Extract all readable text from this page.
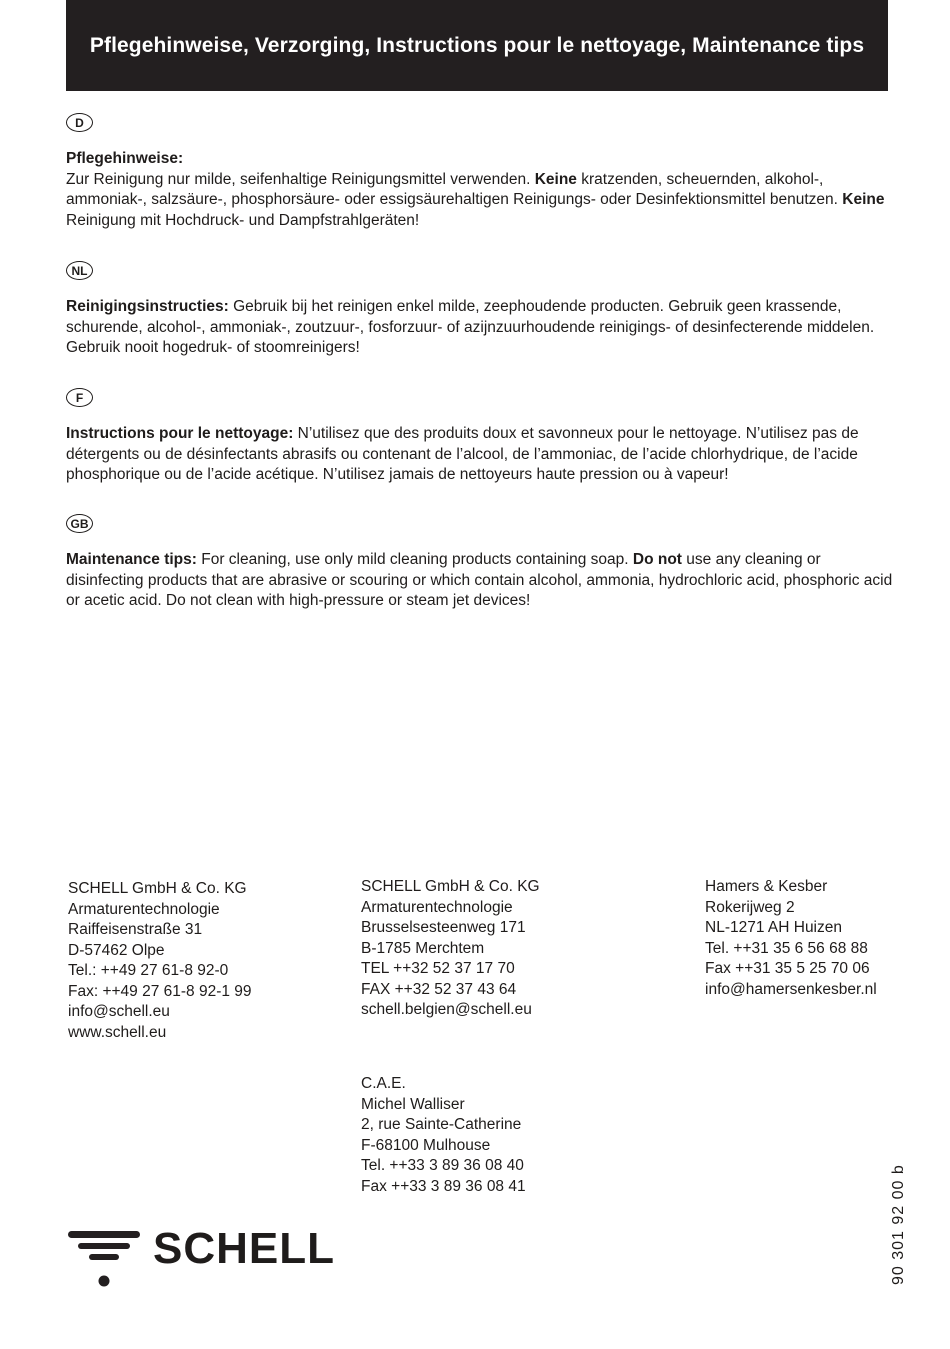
Pflegehinweise, Verzorging, Instructions pour le nettoyage, Maintenance tips
D
Pflegehinweise:
Zur Reinigung nur milde, seifenhaltige Reinigungsmittel verwenden. Keine kratzenden, scheuernden, alkohol-, ammoniak-, salzsäure-, phosphorsäure- oder essigsäurehaltigen Reinigungs- oder Desinfektionsmittel benutzen. Keine Reinigung mit Hochdruck- und Dampfstrahlgeräten!
NL
Reinigingsinstructies: Gebruik bij het reinigen enkel milde, zeephoudende producten. Gebruik geen krassende, schurende, alcohol-, ammoniak-, zoutzuur-, fosforzuur- of azijnzuurhoudende reinigings- of desinfecterende middelen. Gebruik nooit hogedruk- of stoomreinigers!
F
Instructions pour le nettoyage: N’utilisez que des produits doux et savonneux pour le nettoyage. N’utilisez pas de détergents ou de désinfectants abrasifs ou contenant de l’alcool, de l’ammoniac, de l’acide chlorhydrique, de l’acide phosphorique ou de l’acide acétique. N’utilisez jamais de nettoyeurs haute pression ou à vapeur!
GB
Maintenance tips: For cleaning, use only mild cleaning products containing soap. Do not use any cleaning or disinfecting products that are abrasive or scouring or which contain alcohol, ammonia, hydrochloric acid, phosphoric acid or acetic acid. Do not clean with high-pressure or steam jet devices!
SCHELL GmbH & Co. KG
Armaturentechnologie
Raiffeisenstraße 31
D-57462 Olpe
Tel.: ++49 27 61-8 92-0
Fax: ++49 27 61-8 92-1 99
info@schell.eu
www.schell.eu
SCHELL GmbH & Co. KG
Armaturentechnologie
Brusselsesteenweg 171
B-1785 Merchtem
TEL ++32 52 37 17 70
FAX ++32 52 37 43 64
schell.belgien@schell.eu
Hamers & Kesber
Rokerijweg 2
NL-1271 AH Huizen
Tel. ++31 35 6 56 68 88
Fax ++31 35 5 25 70 06
info@hamersenkesber.nl
C.A.E.
Michel Walliser
2, rue Sainte-Catherine
F-68100 Mulhouse
Tel. ++33 3 89 36 08 40
Fax ++33 3 89 36 08 41
SCHELL	90 301 92 00 b
